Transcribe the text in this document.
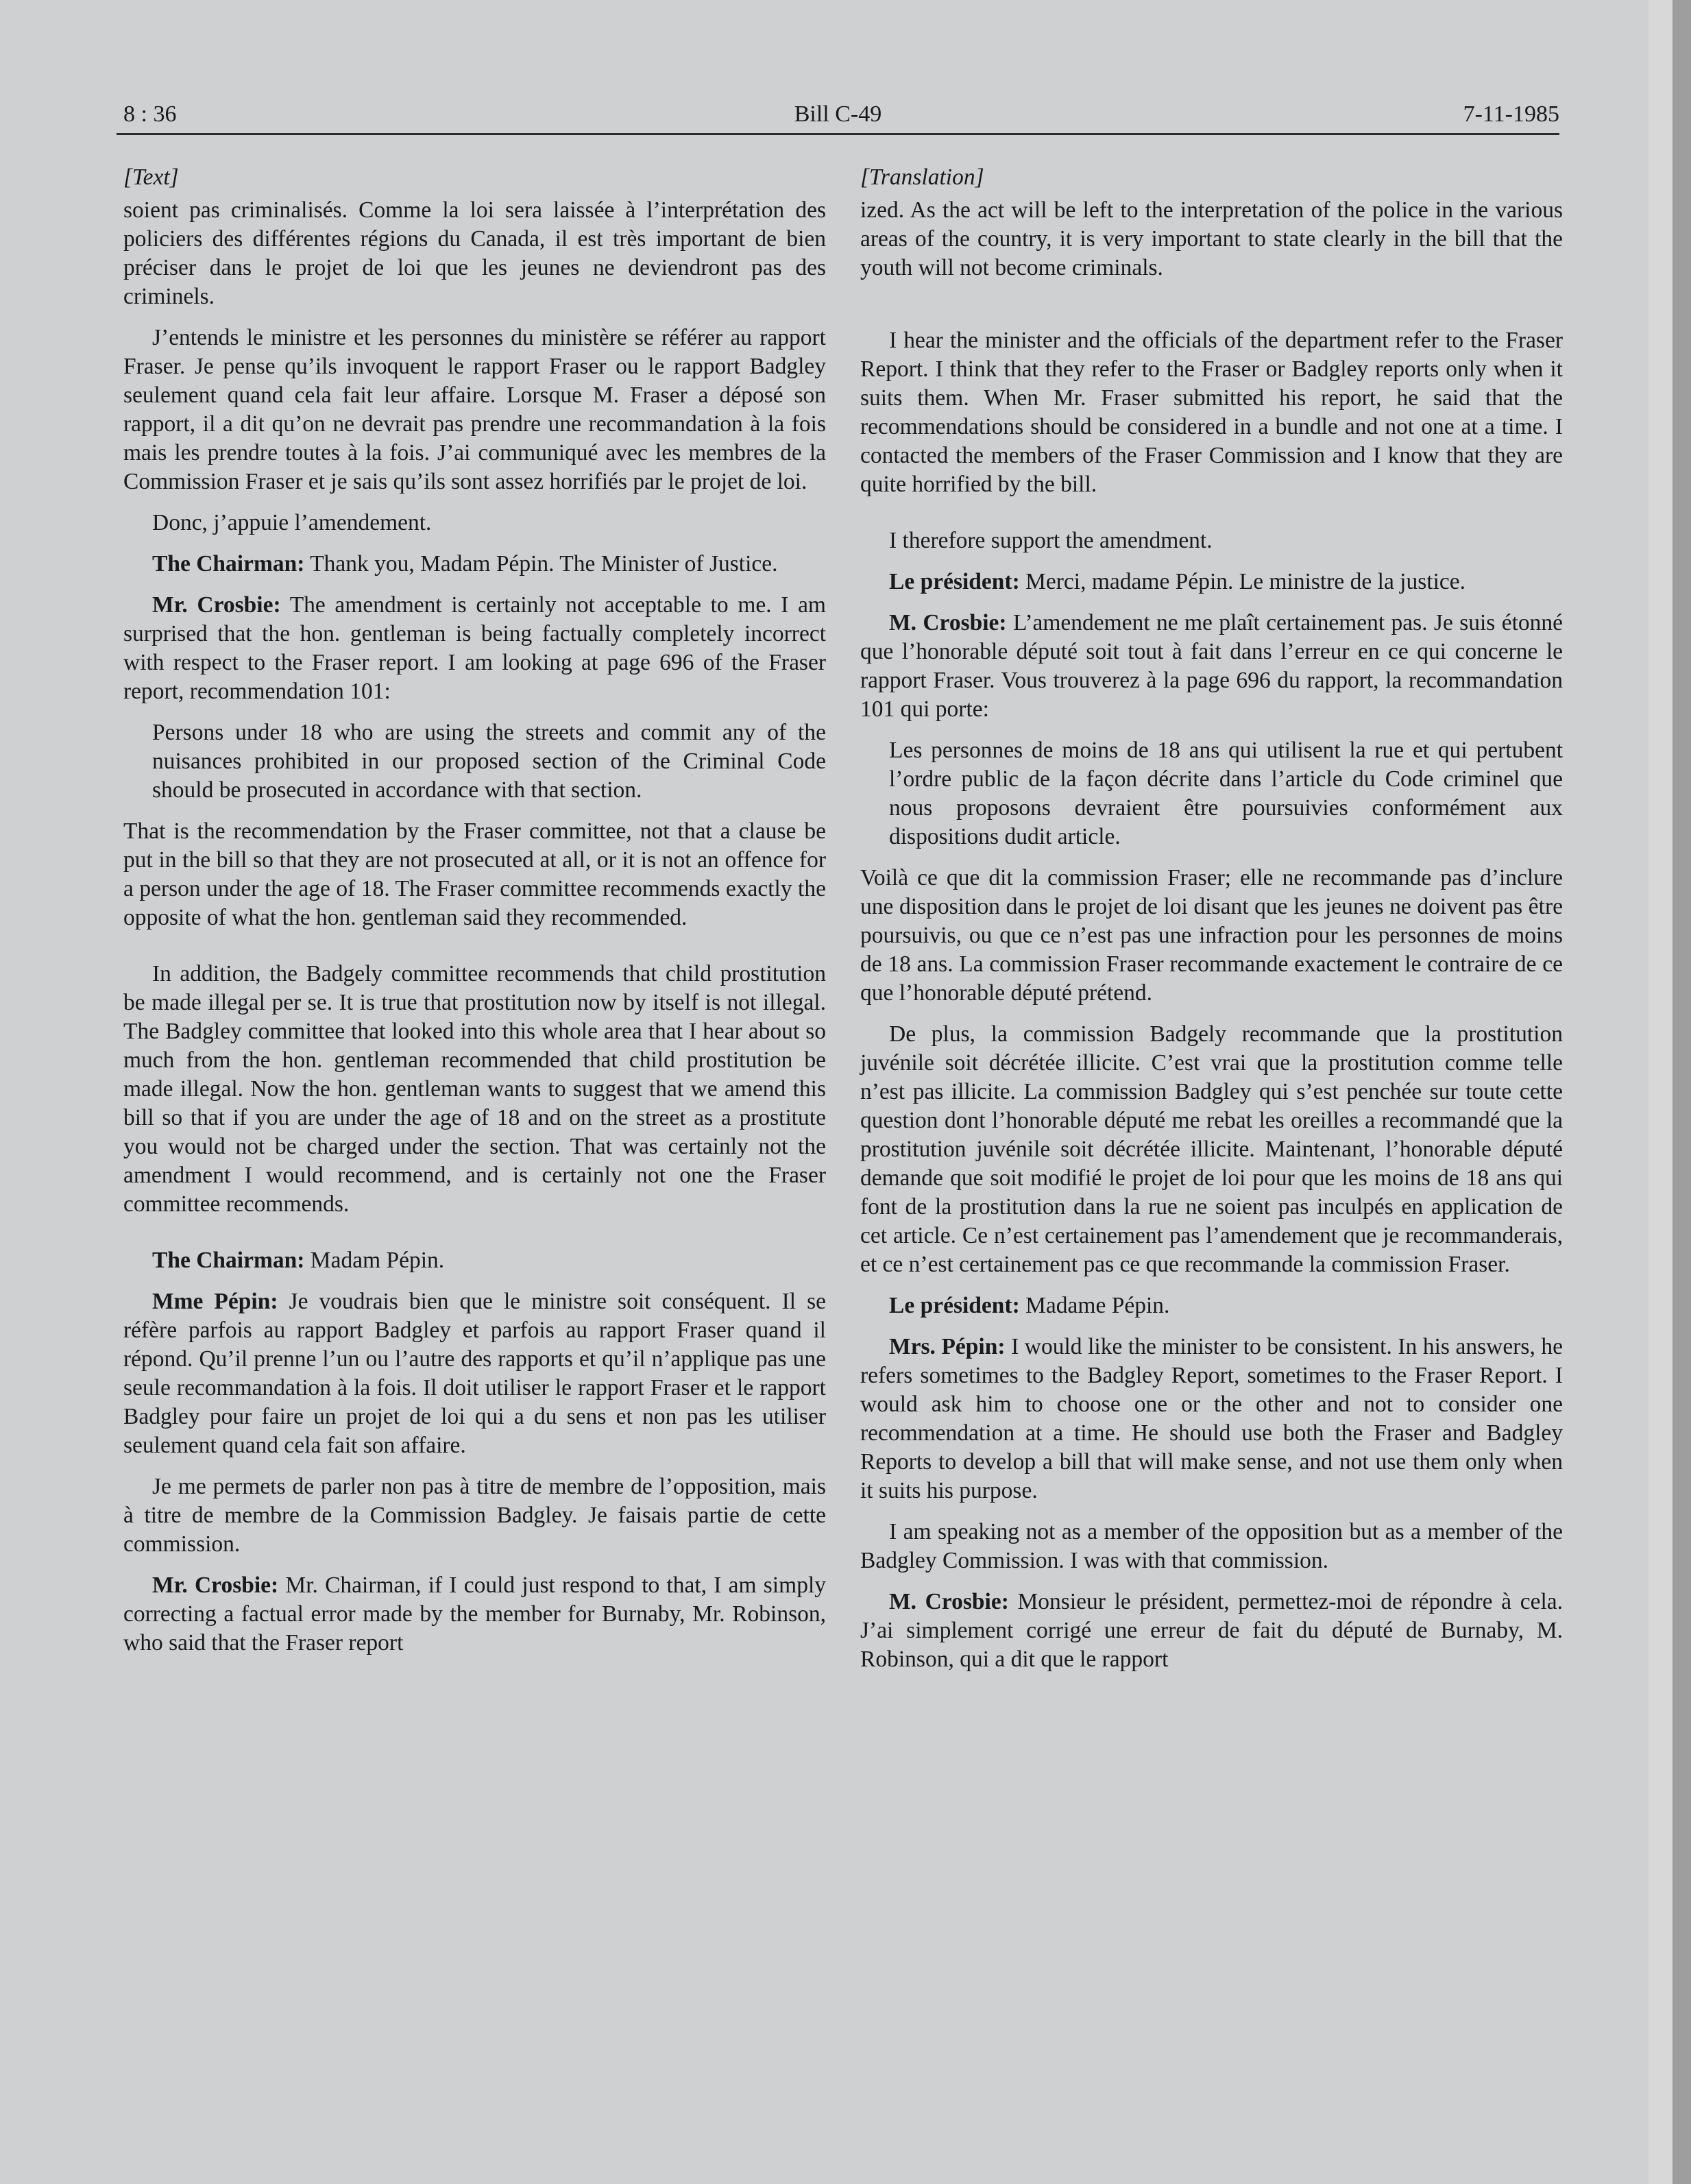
8 : 36	Bill C-49	7-11-1985
[Text]

soient pas criminalisés. Comme la loi sera laissée à l’interprétation des policiers des différentes régions du Canada, il est très important de bien préciser dans le projet de loi que les jeunes ne deviendront pas des criminels.

J’entends le ministre et les personnes du ministère se référer au rapport Fraser. Je pense qu’ils invoquent le rapport Fraser ou le rapport Badgley seulement quand cela fait leur affaire. Lorsque M. Fraser a déposé son rapport, il a dit qu’on ne devrait pas prendre une recommandation à la fois mais les prendre toutes à la fois. J’ai communiqué avec les membres de la Commission Fraser et je sais qu’ils sont assez horrifiés par le projet de loi.

Donc, j’appuie l’amendement.

The Chairman: Thank you, Madam Pépin. The Minister of Justice.

Mr. Crosbie: The amendment is certainly not acceptable to me. I am surprised that the hon. gentleman is being factually completely incorrect with respect to the Fraser report. I am looking at page 696 of the Fraser report, recommendation 101:

Persons under 18 who are using the streets and commit any of the nuisances prohibited in our proposed section of the Criminal Code should be prosecuted in accordance with that section.

That is the recommendation by the Fraser committee, not that a clause be put in the bill so that they are not prosecuted at all, or it is not an offence for a person under the age of 18. The Fraser committee recommends exactly the opposite of what the hon. gentleman said they recommended.

In addition, the Badgely committee recommends that child prostitution be made illegal per se. It is true that prostitution now by itself is not illegal. The Badgley committee that looked into this whole area that I hear about so much from the hon. gentleman recommended that child prostitution be made illegal. Now the hon. gentleman wants to suggest that we amend this bill so that if you are under the age of 18 and on the street as a prostitute you would not be charged under the section. That was certainly not the amendment I would recommend, and is certainly not one the Fraser committee recommends.

The Chairman: Madam Pépin.

Mme Pépin: Je voudrais bien que le ministre soit conséquent. Il se réfère parfois au rapport Badgley et parfois au rapport Fraser quand il répond. Qu’il prenne l’un ou l’autre des rapports et qu’il n’applique pas une seule recommandation à la fois. Il doit utiliser le rapport Fraser et le rapport Badgley pour faire un projet de loi qui a du sens et non pas les utiliser seulement quand cela fait son affaire.

Je me permets de parler non pas à titre de membre de l’opposition, mais à titre de membre de la Commission Badgley. Je faisais partie de cette commission.

Mr. Crosbie: Mr. Chairman, if I could just respond to that, I am simply correcting a factual error made by the member for Burnaby, Mr. Robinson, who said that the Fraser report

[Translation]

ized. As the act will be left to the interpretation of the police in the various areas of the country, it is very important to state clearly in the bill that the youth will not become criminals.

I hear the minister and the officials of the department refer to the Fraser Report. I think that they refer to the Fraser or Badgley reports only when it suits them. When Mr. Fraser submitted his report, he said that the recommendations should be considered in a bundle and not one at a time. I contacted the members of the Fraser Commission and I know that they are quite horrified by the bill.

I therefore support the amendment.

Le président: Merci, madame Pépin. Le ministre de la justice.

M. Crosbie: L’amendement ne me plaît certainement pas. Je suis étonné que l’honorable député soit tout à fait dans l’erreur en ce qui concerne le rapport Fraser. Vous trouverez à la page 696 du rapport, la recommandation 101 qui porte:

Les personnes de moins de 18 ans qui utilisent la rue et qui pertubent l’ordre public de la façon décrite dans l’article du Code criminel que nous proposons devraient être poursuivies conformément aux dispositions dudit article.

Voilà ce que dit la commission Fraser; elle ne recommande pas d’inclure une disposition dans le projet de loi disant que les jeunes ne doivent pas être poursuivis, ou que ce n’est pas une infraction pour les personnes de moins de 18 ans. La commission Fraser recommande exactement le contraire de ce que l’honorable député prétend.

De plus, la commission Badgely recommande que la prostitution juvénile soit décrétée illicite. C’est vrai que la prostitution comme telle n’est pas illicite. La commission Badgley qui s’est penchée sur toute cette question dont l’honorable député me rebat les oreilles a recommandé que la prostitution juvénile soit décrétée illicite. Maintenant, l’honorable député demande que soit modifié le projet de loi pour que les moins de 18 ans qui font de la prostitution dans la rue ne soient pas inculpés en application de cet article. Ce n’est certainement pas l’amendement que je recommanderais, et ce n’est certainement pas ce que recommande la commission Fraser.

Le président: Madame Pépin.

Mrs. Pépin: I would like the minister to be consistent. In his answers, he refers sometimes to the Badgley Report, sometimes to the Fraser Report. I would ask him to choose one or the other and not to consider one recommendation at a time. He should use both the Fraser and Badgley Reports to develop a bill that will make sense, and not use them only when it suits his purpose.

I am speaking not as a member of the opposition but as a member of the Badgley Commission. I was with that commission.

M. Crosbie: Monsieur le président, permettez-moi de répondre à cela. J’ai simplement corrigé une erreur de fait du député de Burnaby, M. Robinson, qui a dit que le rapport
